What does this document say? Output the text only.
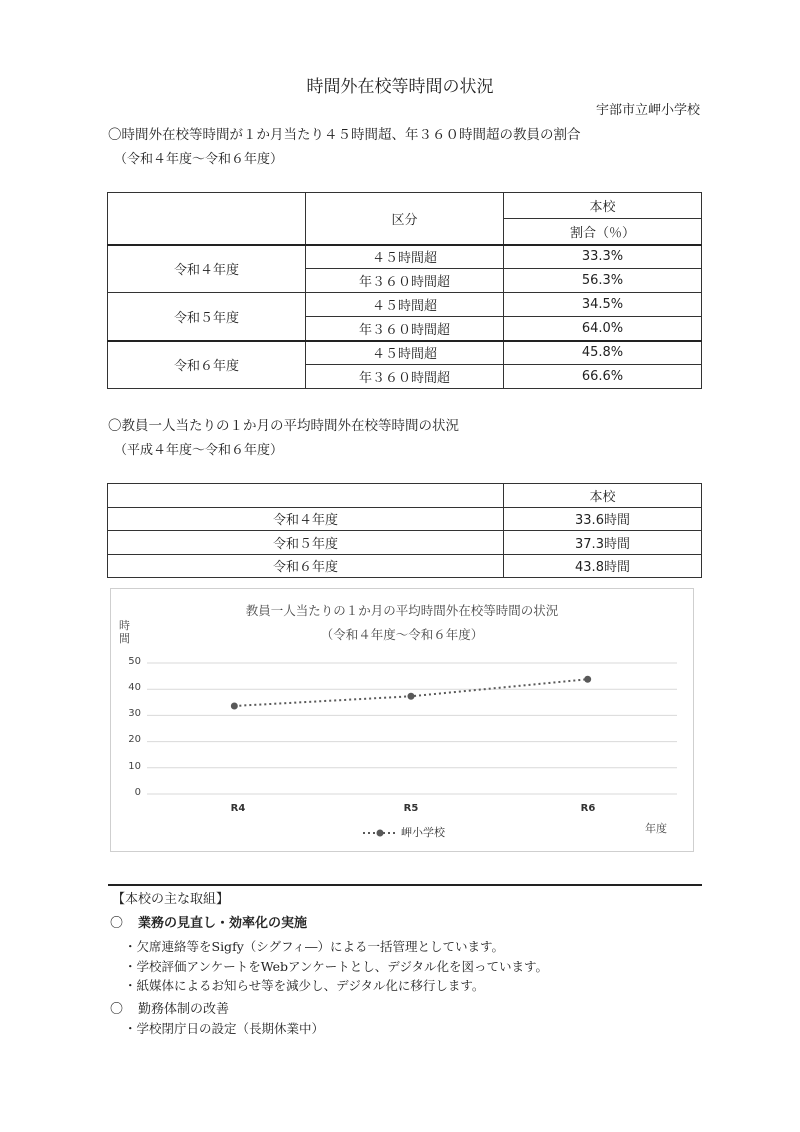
時間外在校等時間の状況
宇部市立岬小学校
〇時間外在校等時間が１か月当たり４５時間超、年３６０時間超の教員の割合
（令和４年度〜令和６年度）
	区分	本校
		割合（％）
令和４年度	４５時間超	33.3%
	年３６０時間超	56.3%
令和５年度	４５時間超	34.5%
	年３６０時間超	64.0%
令和６年度	４５時間超	45.8%
	年３６０時間超	66.6%
〇教員一人当たりの１か月の平均時間外在校等時間の状況
（平成４年度〜令和６年度）
	本校
令和４年度	33.6時間
令和５年度	37.3時間
令和６年度	43.8時間
教員一人当たりの１か月の平均時間外在校等時間の状況
（令和４年度〜令和６年度）
時間
50
40
30
20
10
0
R4	R5	R6
年度
岬小学校
【本校の主な取組】
〇 業務の見直し・効率化の実施
・欠席連絡等をSigfy（シグフィ―）による一括管理としています。
・学校評価アンケートをWebアンケートとし、デジタル化を図っています。
・紙媒体によるお知らせ等を減少し、デジタル化に移行します。
〇 勤務体制の改善
・学校閉庁日の設定（長期休業中）
